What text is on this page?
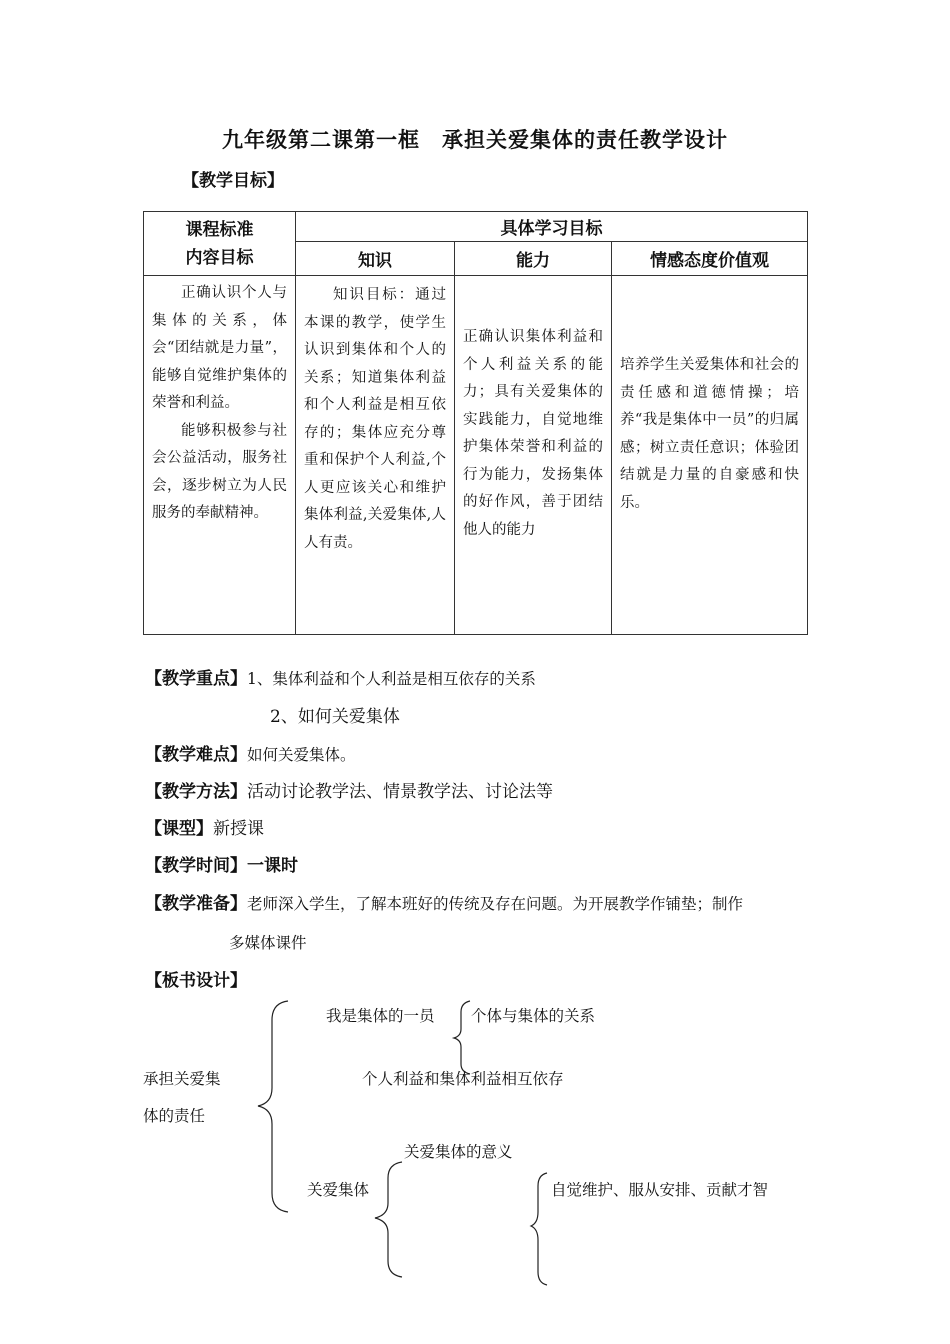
九年级第二课第一框　承担关爱集体的责任教学设计
【教学目标】
课程标准
内容目标	具体学习目标		
	知识	能力	情感态度价值观

正确认识个人与集体的关系，体会“团结就是力量”，能够自觉维护集体的荣誉和利益。

能够积极参与社会公益活动，服务社会，逐步树立为人民服务的奉献精神。	知识目标：通过本课的教学，使学生认识到集体和个人的关系；知道集体利益和个人利益是相互依存的；集体应充分尊重和保护个人利益,个人更应该关心和维护集体利益,关爱集体,人人有责。	正确认识集体利益和个人利益关系的能力；具有关爱集体的实践能力，自觉地维护集体荣誉和利益的行为能力，发扬集体的好作风，善于团结他人的能力	培养学生关爱集体和社会的责任感和道德情操；培养“我是集体中一员”的归属感；树立责任意识；体验团结就是力量的自豪感和快乐。

【教学重点】1、集体利益和个人利益是相互依存的关系
2、如何关爱集体
【教学难点】如何关爱集体。
【教学方法】活动讨论教学法、情景教学法、讨论法等
【课型】新授课
【教学时间】一课时
【教学准备】老师深入学生，了解本班好的传统及存在问题。为开展教学作铺垫；制作
多媒体课件
【板书设计】
承担关爱集
体的责任
我是集体的一员 个体与集体的关系
个人利益和集体利益相互依存
关爱集体的意义
关爱集体	自觉维护、服从安排、贡献才智
